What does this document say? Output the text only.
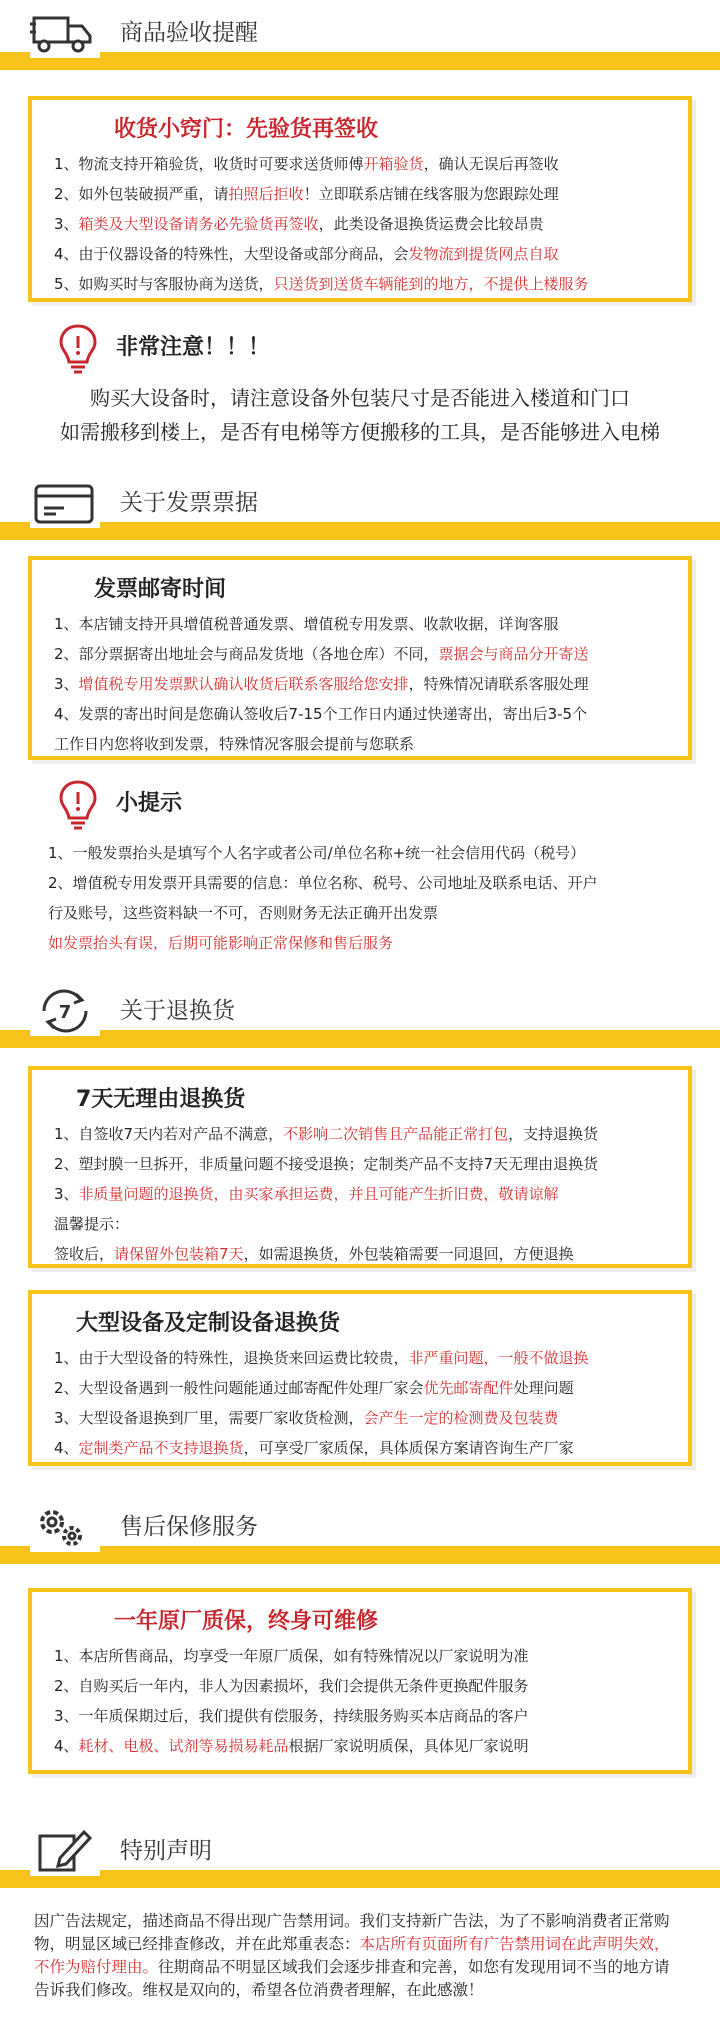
商品验收提醒
收货小窍门：先验货再签收
1、物流支持开箱验货，收货时可要求送货师傅开箱验货，确认无误后再签收
2、如外包装破损严重，请拍照后拒收！立即联系店铺在线客服为您跟踪处理
3、箱类及大型设备请务必先验货再签收，此类设备退换货运费会比较昂贵
4、由于仪器设备的特殊性，大型设备或部分商品，会发物流到提货网点自取
5、如购买时与客服协商为送货，只送货到送货车辆能到的地方，不提供上楼服务
非常注意！！！
购买大设备时，请注意设备外包装尺寸是否能进入楼道和门口
如需搬移到楼上，是否有电梯等方便搬移的工具，是否能够进入电梯
关于发票票据
发票邮寄时间
1、本店铺支持开具增值税普通发票、增值税专用发票、收款收据，详询客服
2、部分票据寄出地址会与商品发货地（各地仓库）不同，票据会与商品分开寄送
3、增值税专用发票默认确认收货后联系客服给您安排，特殊情况请联系客服处理
4、发票的寄出时间是您确认签收后7-15个工作日内通过快递寄出，寄出后3-5个
工作日内您将收到发票，特殊情况客服会提前与您联系
小提示
1、一般发票抬头是填写个人名字或者公司/单位名称+统一社会信用代码（税号）
2、增值税专用发票开具需要的信息：单位名称、税号、公司地址及联系电话、开户
行及账号，这些资料缺一不可，否则财务无法正确开出发票
如发票抬头有误，后期可能影响正常保修和售后服务
7 关于退换货
7天无理由退换货
1、自签收7天内若对产品不满意，不影响二次销售且产品能正常打包，支持退换货
2、塑封膜一旦拆开，非质量问题不接受退换；定制类产品不支持7天无理由退换货
3、非质量问题的退换货，由买家承担运费，并且可能产生折旧费，敬请谅解
温馨提示：
签收后，请保留外包装箱7天，如需退换货，外包装箱需要一同退回，方便退换
大型设备及定制设备退换货
1、由于大型设备的特殊性，退换货来回运费比较贵，非严重问题，一般不做退换
2、大型设备遇到一般性问题能通过邮寄配件处理厂家会优先邮寄配件处理问题
3、大型设备退换到厂里，需要厂家收货检测，会产生一定的检测费及包装费
4、定制类产品不支持退换货，可享受厂家质保，具体质保方案请咨询生产厂家
售后保修服务
一年原厂质保，终身可维修
1、本店所售商品，均享受一年原厂质保，如有特殊情况以厂家说明为准
2、自购买后一年内，非人为因素损坏，我们会提供无条件更换配件服务
3、一年质保期过后，我们提供有偿服务，持续服务购买本店商品的客户
4、耗材、电极、试剂等易损易耗品根据厂家说明质保，具体见厂家说明
特别声明
因广告法规定，描述商品不得出现广告禁用词。我们支持新广告法，为了不影响消费者正常购物，明显区域已经排查修改，并在此郑重表态：本店所有页面所有广告禁用词在此声明失效，不作为赔付理由。往期商品不明显区域我们会逐步排查和完善，如您有发现用词不当的地方请告诉我们修改。维权是双向的，希望各位消费者理解，在此感激！
